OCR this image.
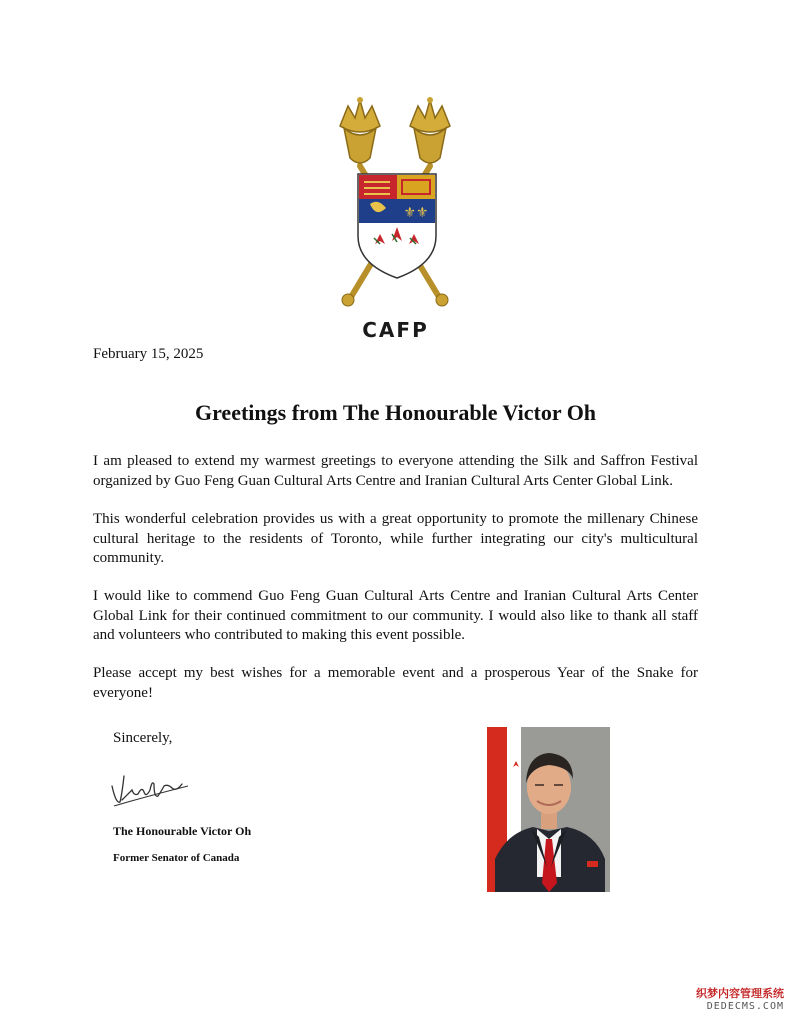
⚜⚜
CAFP
February 15, 2025
Greetings from The Honourable Victor Oh

I am pleased to extend my warmest greetings to everyone attending the Silk and Saffron Festival organized by Guo Feng Guan Cultural Arts Centre and Iranian Cultural Arts Center Global Link.

This wonderful celebration provides us with a great opportunity to promote the millenary Chinese cultural heritage to the residents of Toronto, while further integrating our city's multicultural community.

I would like to commend Guo Feng Guan Cultural Arts Centre and Iranian Cultural Arts Center Global Link for their continued commitment to our community. I would also like to thank all staff and volunteers who contributed to making this event possible.

Please accept my best wishes for a memorable event and a prosperous Year of the Snake for everyone!

Sincerely,
The Honourable Victor Oh
Former Senator of Canada
织梦内容管理系统
DEDECMS.COM
